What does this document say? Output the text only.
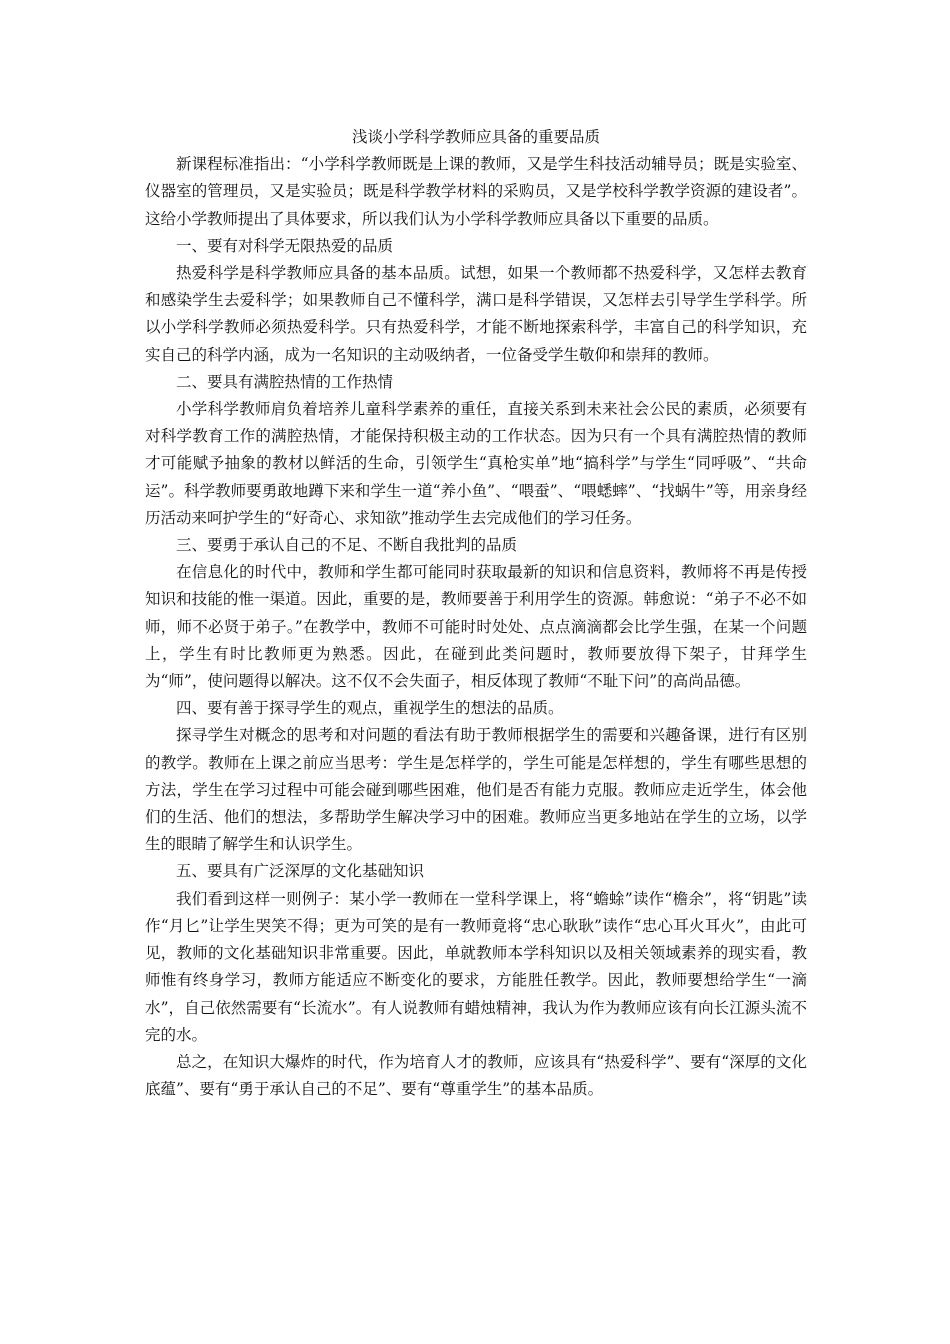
浅谈小学科学教师应具备的重要品质

新课程标准指出：“小学科学教师既是上课的教师，又是学生科技活动辅导员；既是实验室、仪器室的管理员，又是实验员；既是科学教学材料的采购员，又是学校科学教学资源的建设者”。这给小学教师提出了具体要求，所以我们认为小学科学教师应具备以下重要的品质。

一、要有对科学无限热爱的品质

热爱科学是科学教师应具备的基本品质。试想，如果一个教师都不热爱科学，又怎样去教育和感染学生去爱科学；如果教师自己不懂科学，满口是科学错误，又怎样去引导学生学科学。所以小学科学教师必须热爱科学。只有热爱科学，才能不断地探索科学，丰富自己的科学知识，充实自己的科学内涵，成为一名知识的主动吸纳者，一位备受学生敬仰和崇拜的教师。

二、要具有满腔热情的工作热情

小学科学教师肩负着培养儿童科学素养的重任，直接关系到未来社会公民的素质，必须要有对科学教育工作的满腔热情，才能保持积极主动的工作状态。因为只有一个具有满腔热情的教师才可能赋予抽象的教材以鲜活的生命，引领学生“真枪实单”地“搞科学”与学生“同呼吸”、“共命运”。科学教师要勇敢地蹲下来和学生一道“养小鱼”、“喂蚕”、“喂蟋蟀”、“找蜗牛”等，用亲身经历活动来呵护学生的“好奇心、求知欲”推动学生去完成他们的学习任务。

三、要勇于承认自己的不足、不断自我批判的品质

在信息化的时代中，教师和学生都可能同时获取最新的知识和信息资料，教师将不再是传授知识和技能的惟一渠道。因此，重要的是，教师要善于利用学生的资源。韩愈说：“弟子不必不如师，师不必贤于弟子。”在教学中，教师不可能时时处处、点点滴滴都会比学生强，在某一个问题上，学生有时比教师更为熟悉。因此，在碰到此类问题时，教师要放得下架子，甘拜学生为“师”，使问题得以解决。这不仅不会失面子，相反体现了教师“不耻下问”的高尚品德。

四、要有善于探寻学生的观点，重视学生的想法的品质。

探寻学生对概念的思考和对问题的看法有助于教师根据学生的需要和兴趣备课，进行有区别的教学。教师在上课之前应当思考：学生是怎样学的，学生可能是怎样想的，学生有哪些思想的方法，学生在学习过程中可能会碰到哪些困难，他们是否有能力克服。教师应走近学生，体会他们的生活、他们的想法，多帮助学生解决学习中的困难。教师应当更多地站在学生的立场，以学生的眼睛了解学生和认识学生。

五、要具有广泛深厚的文化基础知识

我们看到这样一则例子：某小学一教师在一堂科学课上，将“蟾蜍”读作“檐余”，将“钥匙”读作“月匕”让学生哭笑不得；更为可笑的是有一教师竟将“忠心耿耿”读作“忠心耳火耳火”，由此可见，教师的文化基础知识非常重要。因此，单就教师本学科知识以及相关领域素养的现实看，教师惟有终身学习，教师方能适应不断变化的要求，方能胜任教学。因此，教师要想给学生“一滴水”，自己依然需要有“长流水”。有人说教师有蜡烛精神，我认为作为教师应该有向长江源头流不完的水。

总之，在知识大爆炸的时代，作为培育人才的教师，应该具有“热爱科学”、要有“深厚的文化底蕴”、要有“勇于承认自己的不足”、要有“尊重学生”的基本品质。
